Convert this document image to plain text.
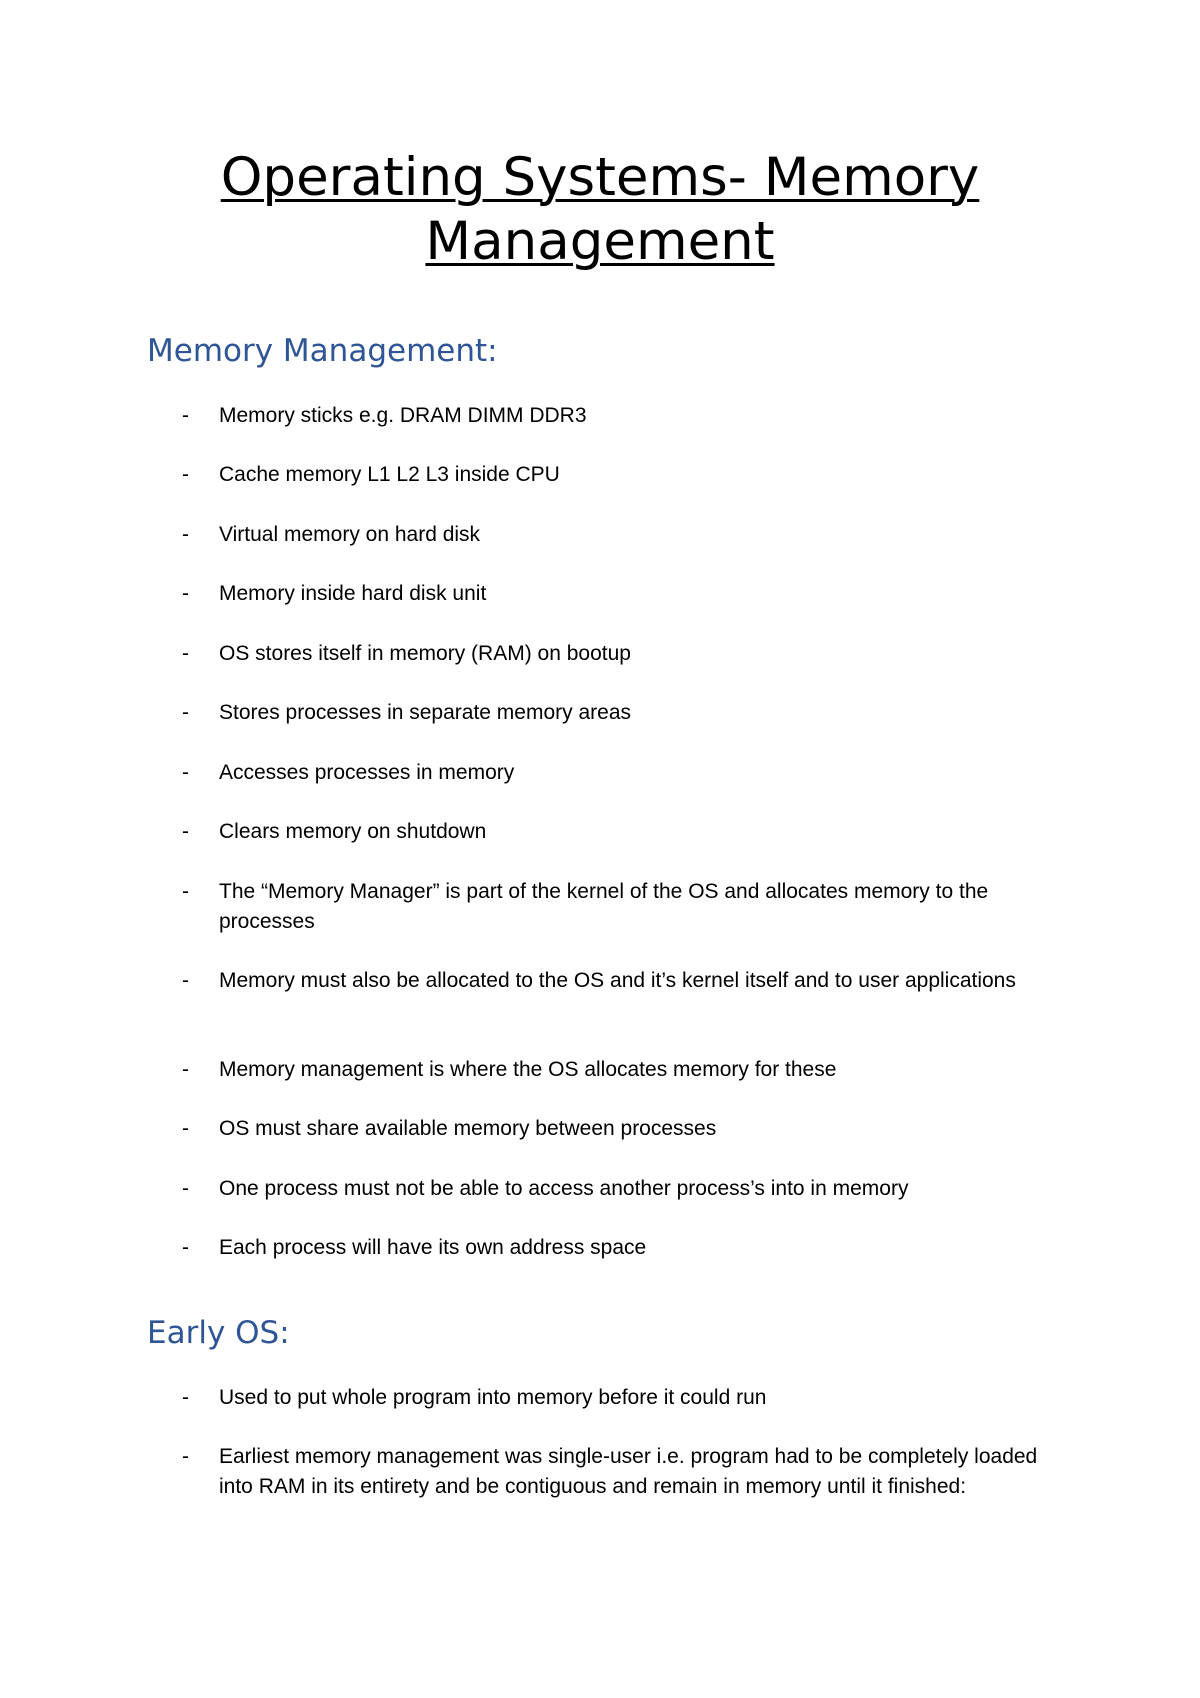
Operating Systems- Memory
Management
Memory Management:
- Memory sticks e.g. DRAM DIMM DDR3
- Cache memory L1 L2 L3 inside CPU
- Virtual memory on hard disk
- Memory inside hard disk unit
- OS stores itself in memory (RAM) on bootup
- Stores processes in separate memory areas
- Accesses processes in memory
- Clears memory on shutdown
- The “Memory Manager” is part of the kernel of the OS and allocates memory to the processes
- Memory must also be allocated to the OS and it’s kernel itself and to user applications
- Memory management is where the OS allocates memory for these
- OS must share available memory between processes
- One process must not be able to access another process’s into in memory
- Each process will have its own address space
Early OS:
- Used to put whole program into memory before it could run
- Earliest memory management was single-user i.e. program had to be completely loaded into RAM in its entirety and be contiguous and remain in memory until it finished:
